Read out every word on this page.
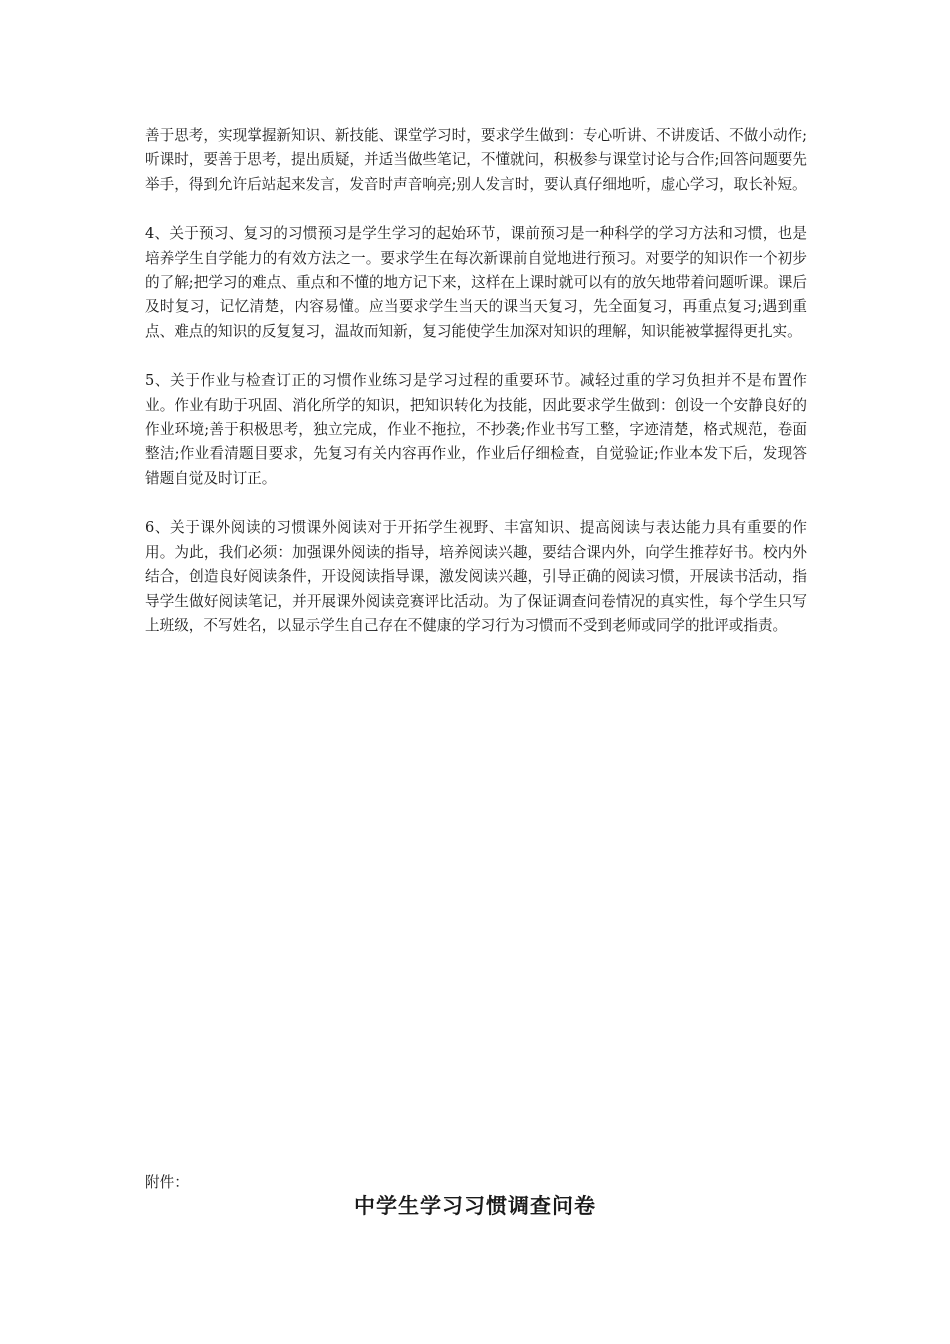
善于思考，实现掌握新知识、新技能、课堂学习时，要求学生做到：专心听讲、不讲废话、不做小动作;听课时，要善于思考，提出质疑，并适当做些笔记，不懂就问，积极参与课堂讨论与合作;回答问题要先举手，得到允许后站起来发言，发音时声音响亮;别人发言时，要认真仔细地听，虚心学习，取长补短。

4、关于预习、复习的习惯预习是学生学习的起始环节，课前预习是一种科学的学习方法和习惯，也是培养学生自学能力的有效方法之一。要求学生在每次新课前自觉地进行预习。对要学的知识作一个初步的了解;把学习的难点、重点和不懂的地方记下来，这样在上课时就可以有的放矢地带着问题听课。课后及时复习，记忆清楚，内容易懂。应当要求学生当天的课当天复习，先全面复习，再重点复习;遇到重点、难点的知识的反复复习，温故而知新，复习能使学生加深对知识的理解，知识能被掌握得更扎实。

5、关于作业与检查订正的习惯作业练习是学习过程的重要环节。减轻过重的学习负担并不是布置作业。作业有助于巩固、消化所学的知识，把知识转化为技能，因此要求学生做到：创设一个安静良好的作业环境;善于积极思考，独立完成，作业不拖拉，不抄袭;作业书写工整，字迹清楚，格式规范，卷面整洁;作业看清题目要求，先复习有关内容再作业，作业后仔细检查，自觉验证;作业本发下后，发现答错题自觉及时订正。

6、关于课外阅读的习惯课外阅读对于开拓学生视野、丰富知识、提高阅读与表达能力具有重要的作用。为此，我们必须：加强课外阅读的指导，培养阅读兴趣，要结合课内外，向学生推荐好书。校内外结合，创造良好阅读条件，开设阅读指导课，激发阅读兴趣，引导正确的阅读习惯，开展读书活动，指导学生做好阅读笔记，并开展课外阅读竞赛评比活动。为了保证调查问卷情况的真实性，每个学生只写上班级，不写姓名，以显示学生自己存在不健康的学习行为习惯而不受到老师或同学的批评或指责。

附件：
中学生学习习惯调查问卷
